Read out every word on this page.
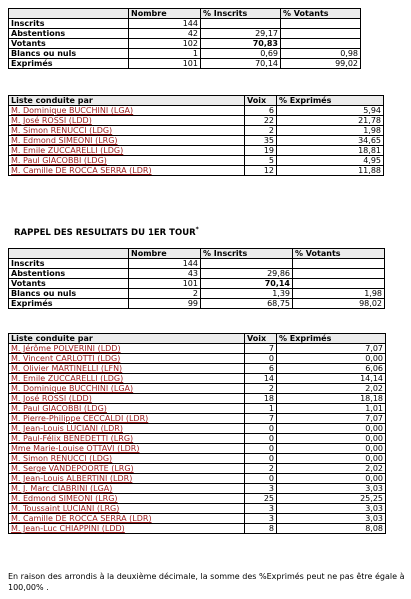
	Nombre	% Inscrits	% Votants
Inscrits	144		
Abstentions	42	29,17	
Votants	102	70,83	
Blancs ou nuls	1	0,69	0,98
Exprimés	101	70,14	99,02
Liste conduite par	Voix	% Exprimés
M. Dominique BUCCHINI (LGA)	6	5,94
M. José ROSSI (LDD)	22	21,78
M. Simon RENUCCI (LDG)	2	1,98
M. Edmond SIMEONI (LRG)	35	34,65
M. Emile ZUCCARELLI (LDG)	19	18,81
M. Paul GIACOBBI (LDG)	5	4,95
M. Camille DE ROCCA SERRA (LDR)	12	11,88
RAPPEL DES RESULTATS DU 1ER TOUR*
	Nombre	% Inscrits	% Votants
Inscrits	144		
Abstentions	43	29,86	
Votants	101	70,14	
Blancs ou nuls	2	1,39	1,98
Exprimés	99	68,75	98,02
Liste conduite par	Voix	% Exprimés
M. Jérôme POLVERINI (LDD)	7	7,07
M. Vincent CARLOTTI (LDG)	0	0,00
M. Olivier MARTINELLI (LFN)	6	6,06
M. Emile ZUCCARELLI (LDG)	14	14,14
M. Dominique BUCCHINI (LGA)	2	2,02
M. José ROSSI (LDD)	18	18,18
M. Paul GIACOBBI (LDG)	1	1,01
M. Pierre-Philippe CECCALDI (LDR)	7	7,07
M. Jean-Louis LUCIANI (LDR)	0	0,00
M. Paul-Félix BENEDETTI (LRG)	0	0,00
Mme Marie-Louise OTTAVI (LDR)	0	0,00
M. Simon RENUCCI (LDG)	0	0,00
M. Serge VANDEPOORTE (LRG)	2	2,02
M. Jean-Louis ALBERTINI (LDR)	0	0,00
M. J. Marc CIABRINI (LGA)	3	3,03
M. Edmond SIMEONI (LRG)	25	25,25
M. Toussaint LUCIANI (LRG)	3	3,03
M. Camille DE ROCCA SERRA (LDR)	3	3,03
M. Jean-Luc CHIAPPINI (LDD)	8	8,08
En raison des arrondis à la deuxième décimale, la somme des %Exprimés peut ne pas être égale à 100,00% .
